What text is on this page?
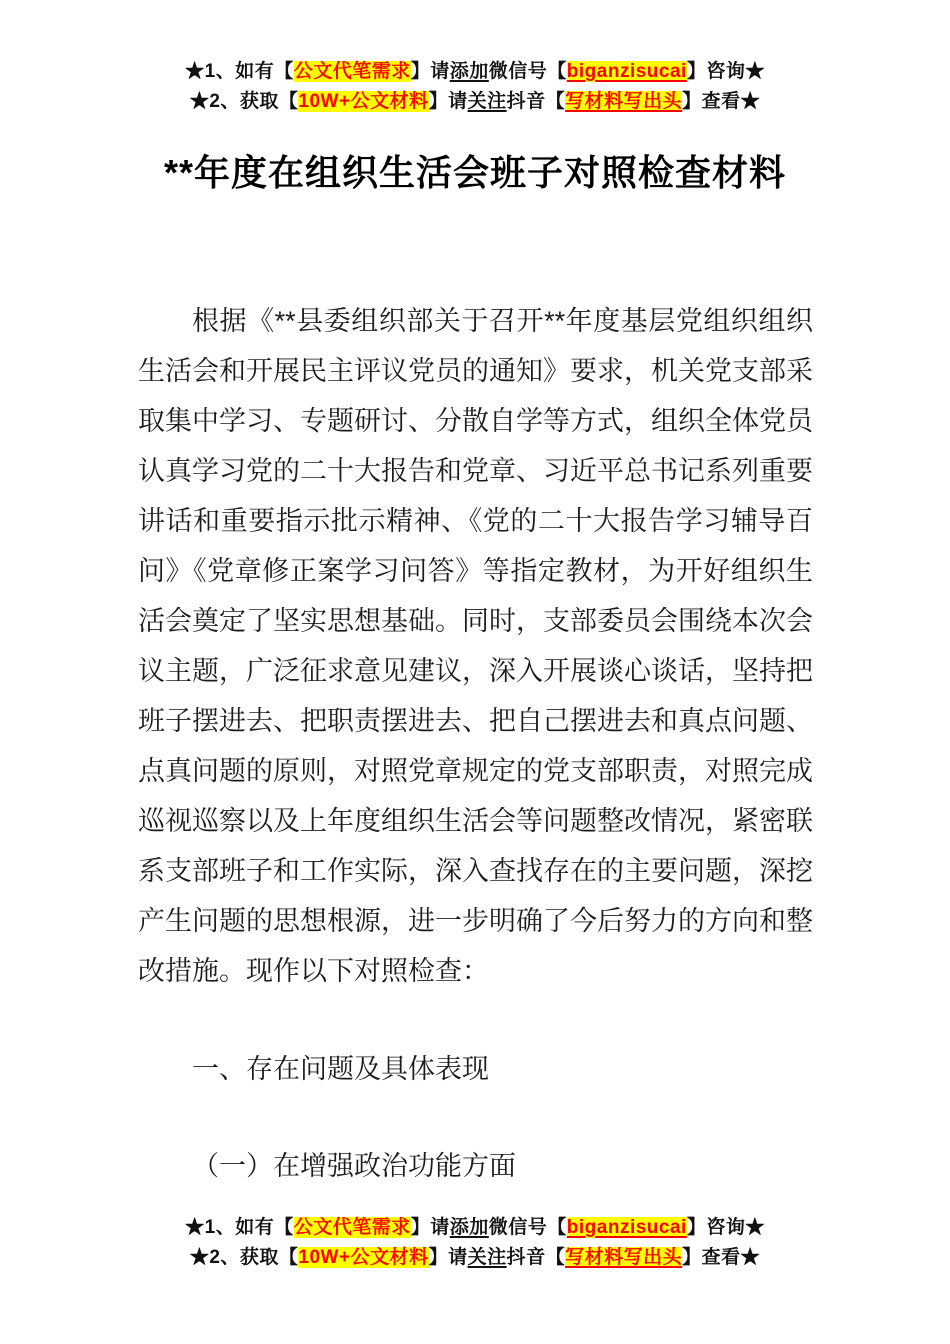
★1、如有【公文代笔需求】请添加微信号【biganzisucai】咨询★
★2、获取【10W+公文材料】请关注抖音【写材料写出头】查看★
**年度在组织生活会班子对照检查材料

根据《**县委组织部关于召开**年度基层党组织组织生活会和开展民主评议党员的通知》要求，机关党支部采取集中学习、专题研讨、分散自学等方式，组织全体党员认真学习党的二十大报告和党章、习近平总书记系列重要讲话和重要指示批示精神、《党的二十大报告学习辅导百问》《党章修正案学习问答》等指定教材，为开好组织生活会奠定了坚实思想基础。同时，支部委员会围绕本次会议主题，广泛征求意见建议，深入开展谈心谈话，坚持把班子摆进去、把职责摆进去、把自己摆进去和真点问题、点真问题的原则，对照党章规定的党支部职责，对照完成巡视巡察以及上年度组织生活会等问题整改情况，紧密联系支部班子和工作实际，深入查找存在的主要问题，深挖产生问题的思想根源，进一步明确了今后努力的方向和整改措施。现作以下对照检查：

一、存在问题及具体表现

（一）在增强政治功能方面

★1、如有【公文代笔需求】请添加微信号【biganzisucai】咨询★
★2、获取【10W+公文材料】请关注抖音【写材料写出头】查看★
